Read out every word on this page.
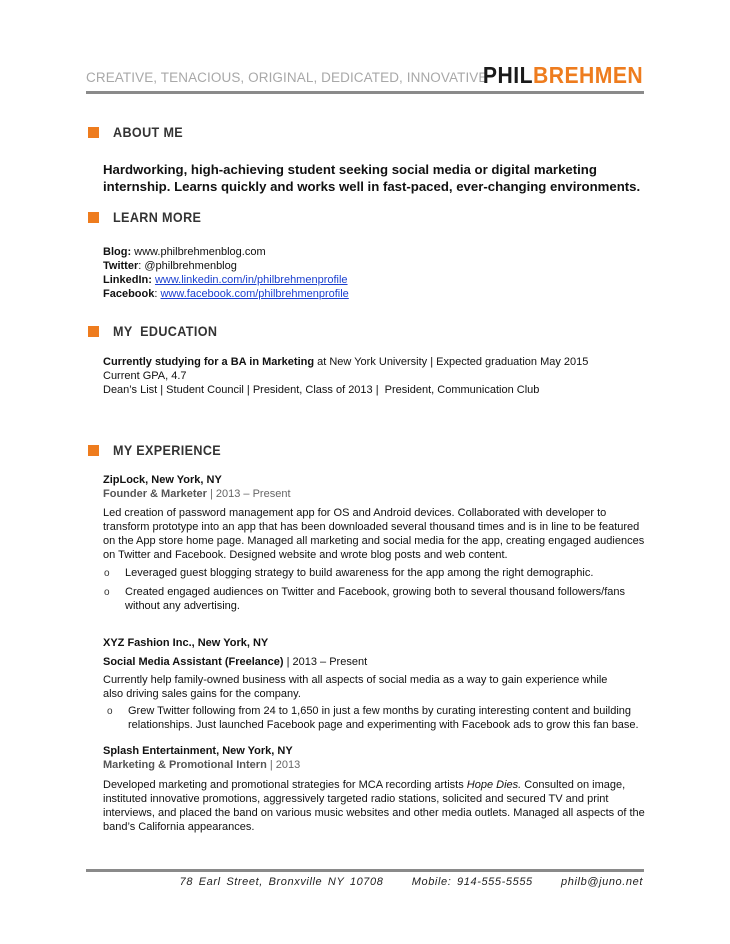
CREATIVE, TENACIOUS, ORIGINAL, DEDICATED, INNOVATIVE
PHILBREHMEN
ABOUT ME
Hardworking, high-achieving student seeking social media or digital marketing internship. Learns quickly and works well in fast-paced, ever-changing environments.
LEARN MORE
Blog: www.philbrehmenblog.com
Twitter: @philbrehmenblog
LinkedIn: www.linkedin.com/in/philbrehmenprofile
Facebook: www.facebook.com/philbrehmenprofile
MY  EDUCATION
Currently studying for a BA in Marketing at New York University | Expected graduation May 2015
Current GPA, 4.7
Dean’s List | Student Council | President, Class of 2013 |  President, Communication Club
MY EXPERIENCE
ZipLock, New York, NY
Founder & Marketer | 2013 – Present
Led creation of password management app for OS and Android devices. Collaborated with developer to transform prototype into an app that has been downloaded several thousand times and is in line to be featured on the App store home page. Managed all marketing and social media for the app, creating engaged audiences on Twitter and Facebook. Designed website and wrote blog posts and web content.
o Leveraged guest blogging strategy to build awareness for the app among the right demographic.
o Created engaged audiences on Twitter and Facebook, growing both to several thousand followers/fans without any advertising.
XYZ Fashion Inc., New York, NY
Social Media Assistant (Freelance) | 2013 – Present
Currently help family-owned business with all aspects of social media as a way to gain experience while also driving sales gains for the company.
o Grew Twitter following from 24 to 1,650 in just a few months by curating interesting content and building relationships. Just launched Facebook page and experimenting with Facebook ads to grow this fan base.
Splash Entertainment, New York, NY
Marketing & Promotional Intern | 2013
Developed marketing and promotional strategies for MCA recording artists Hope Dies. Consulted on image, instituted innovative promotions, aggressively targeted radio stations, solicited and secured TV and print interviews, and placed the band on various music websites and other media outlets. Managed all aspects of the band’s California appearances.
78 Earl Street, Bronxville NY 10708	Mobile: 914-555-5555	philb@juno.net
